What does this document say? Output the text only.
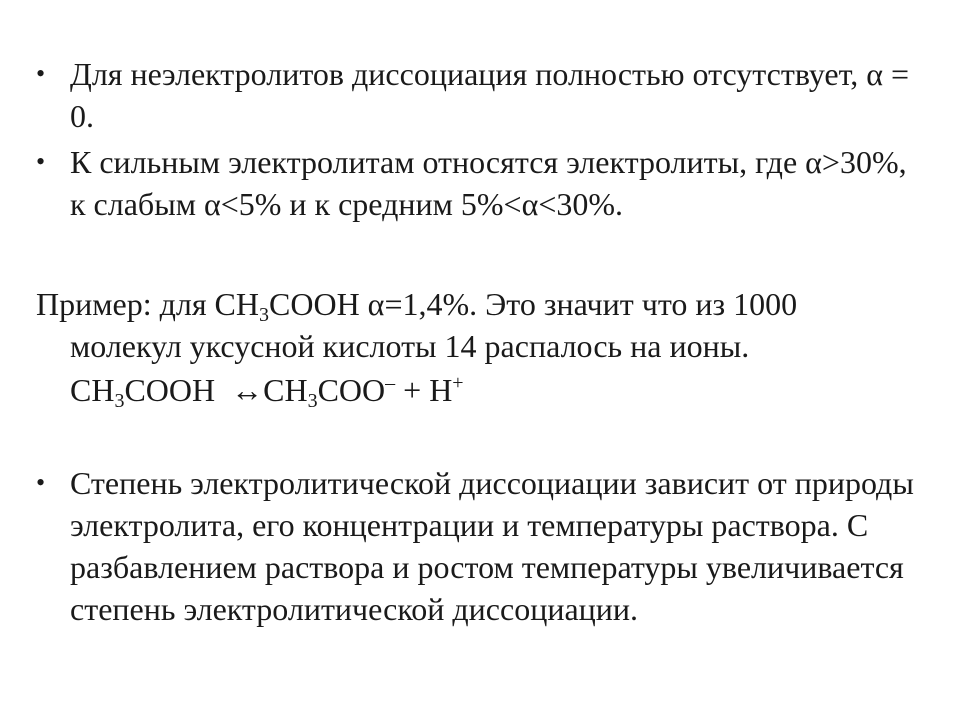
• Для неэлектролитов диссоциация полностью отсутствует, α = 0.
• К сильным электролитам относятся электролиты, где α>30%, к слабым α<5% и к средним 5%<α<30%.
Пример: для $CH_3COOH$ α=1,4%. Это значит что из 1000
молекул уксусной кислоты 14 распалось на ионы.
$CH_3COOH$ $\leftrightarrow CH_3COO^- + H^+$
• Степень электролитической диссоциации зависит от природы электролита, его концентрации и температуры раствора. С разбавлением раствора и ростом температуры увеличивается степень электролитической диссоциации.
